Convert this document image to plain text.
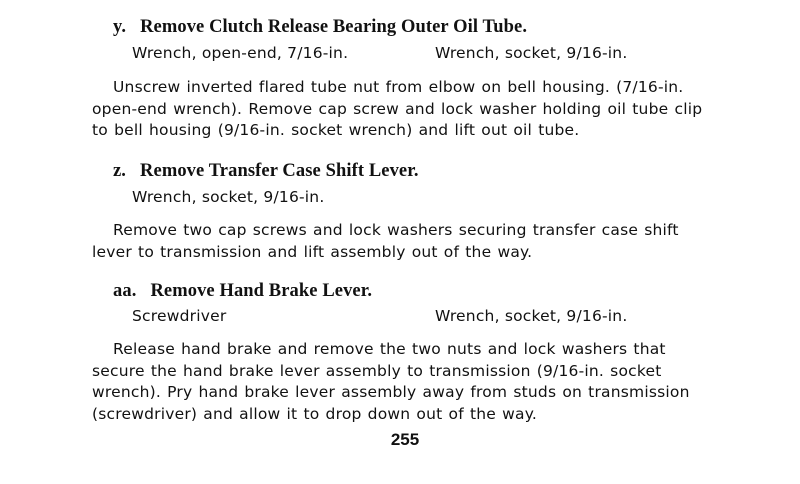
y. Remove Clutch Release Bearing Outer Oil Tube.
Wrench, open-end, 7/16-in.	Wrench, socket, 9/16-in.

Unscrew inverted flared tube nut from elbow on bell housing. (7/16-in. open-end wrench). Remove cap screw and lock washer holding oil tube clip to bell housing (9/16-in. socket wrench) and lift out oil tube.

z. Remove Transfer Case Shift Lever.
Wrench, socket, 9/16-in.

Remove two cap screws and lock washers securing transfer case shift lever to transmission and lift assembly out of the way.

aa. Remove Hand Brake Lever.
Screwdriver	Wrench, socket, 9/16-in.

Release hand brake and remove the two nuts and lock washers that secure the hand brake lever assembly to transmission (9/16-in. socket wrench). Pry hand brake lever assembly away from studs on transmission (screwdriver) and allow it to drop down out of the way.

255
